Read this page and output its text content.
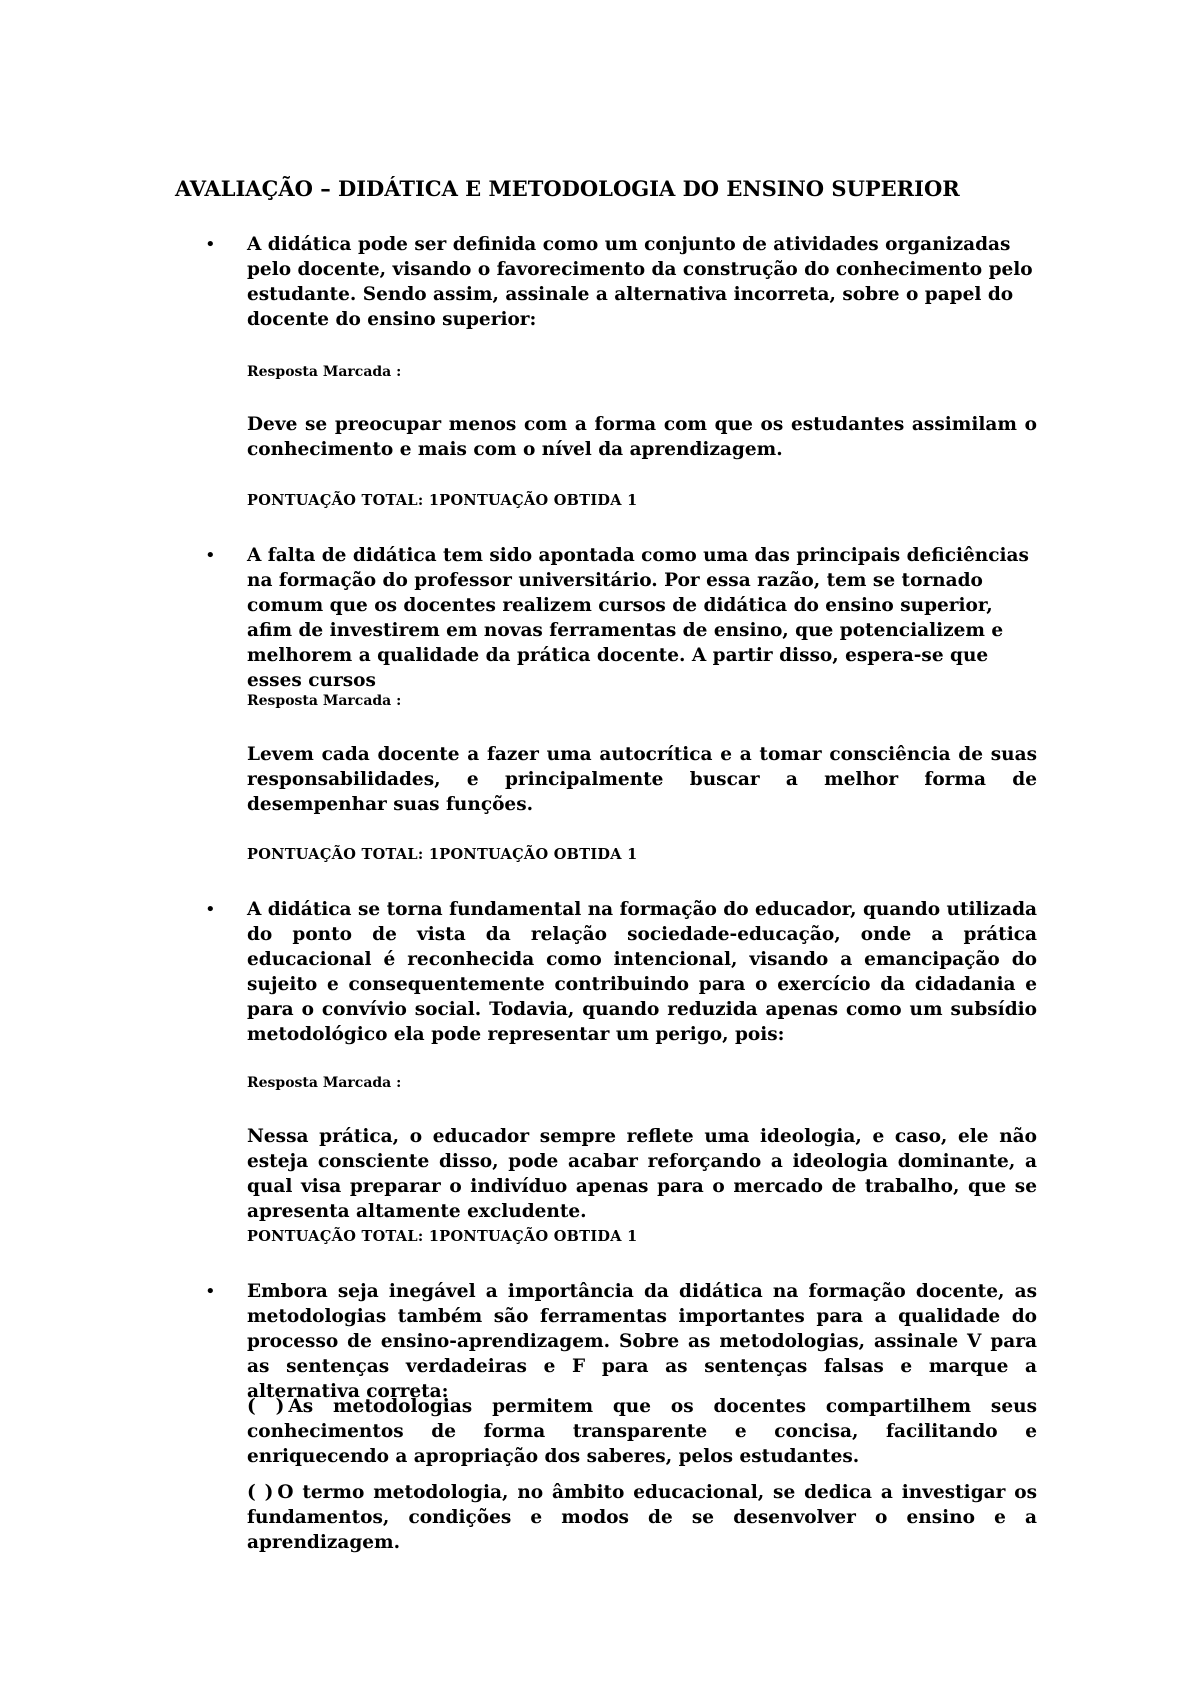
AVALIAÇÃO – DIDÁTICA E METODOLOGIA DO ENSINO SUPERIOR
• A didática pode ser definida como um conjunto de atividades organizadas pelo docente, visando o favorecimento da construção do conhecimento pelo estudante. Sendo assim, assinale a alternativa incorreta, sobre o papel do docente do ensino superior:
Resposta Marcada :
Deve se preocupar menos com a forma com que os estudantes assimilam o conhecimento e mais com o nível da aprendizagem.
PONTUAÇÃO TOTAL: 1PONTUAÇÃO OBTIDA 1
• A falta de didática tem sido apontada como uma das principais deficiências na formação do professor universitário. Por essa razão, tem se tornado comum que os docentes realizem cursos de didática do ensino superior, afim de investirem em novas ferramentas de ensino, que potencializem e melhorem a qualidade da prática docente. A partir disso, espera-se que esses cursos
Resposta Marcada :
Levem cada docente a fazer uma autocrítica e a tomar consciência de suas responsabilidades, e principalmente buscar a melhor forma de desempenhar suas funções.
PONTUAÇÃO TOTAL: 1PONTUAÇÃO OBTIDA 1
• A didática se torna fundamental na formação do educador, quando utilizada do ponto de vista da relação sociedade-educação, onde a prática educacional é reconhecida como intencional, visando a emancipação do sujeito e consequentemente contribuindo para o exercício da cidadania e para o convívio social. Todavia, quando reduzida apenas como um subsídio metodológico ela pode representar um perigo, pois:
Resposta Marcada :
Nessa prática, o educador sempre reflete uma ideologia, e caso, ele não esteja consciente disso, pode acabar reforçando a ideologia dominante, a qual visa preparar o indivíduo apenas para o mercado de trabalho, que se apresenta altamente excludente.
PONTUAÇÃO TOTAL: 1PONTUAÇÃO OBTIDA 1
• Embora seja inegável a importância da didática na formação docente, as metodologias também são ferramentas importantes para a qualidade do processo de ensino-aprendizagem. Sobre as metodologias, assinale V para as sentenças verdadeiras e F para as sentenças falsas e marque a alternativa correta:
( ) As metodologias permitem que os docentes compartilhem seus conhecimentos de forma transparente e concisa, facilitando e enriquecendo a apropriação dos saberes, pelos estudantes.
( ) O termo metodologia, no âmbito educacional, se dedica a investigar os fundamentos, condições e modos de se desenvolver o ensino e a aprendizagem.
